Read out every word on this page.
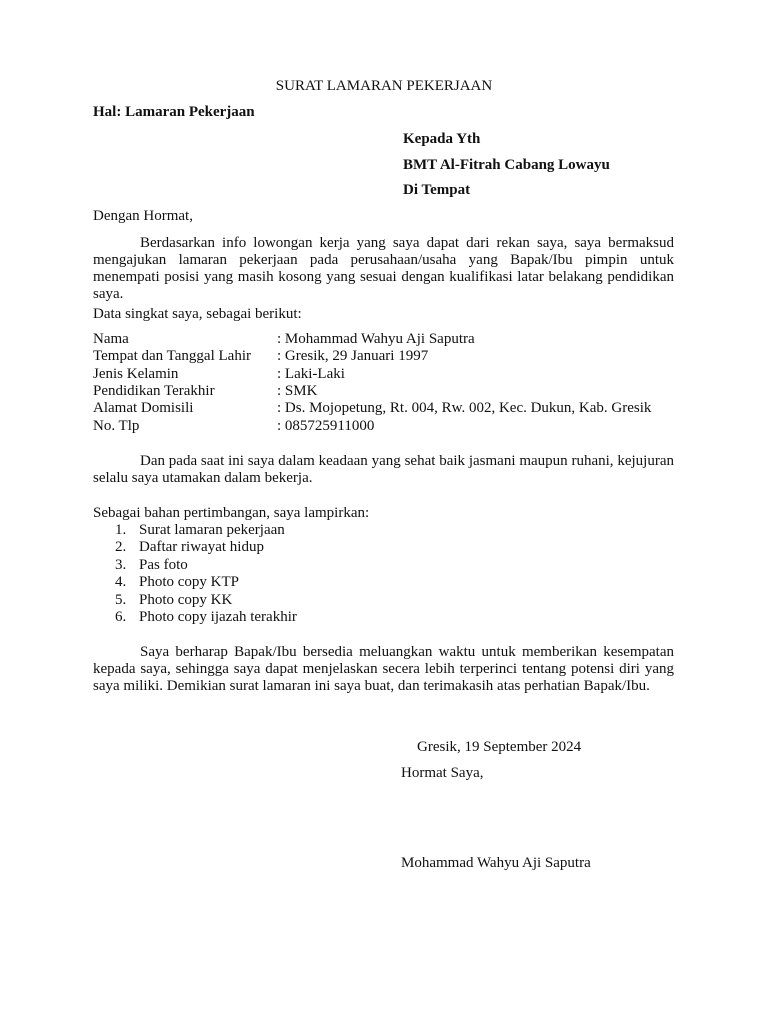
SURAT LAMARAN PEKERJAAN
Hal: Lamaran Pekerjaan
Kepada Yth
BMT Al-Fitrah Cabang Lowayu
Di Tempat
Dengan Hormat,

Berdasarkan info lowongan kerja yang saya dapat dari rekan saya, saya bermaksud mengajukan lamaran pekerjaan pada perusahaan/usaha yang Bapak/Ibu pimpin untuk menempati posisi yang masih kosong yang sesuai dengan kualifikasi latar belakang pendidikan saya.

Data singkat saya, sebagai berikut:
Nama	: Mohammad Wahyu Aji Saputra
Tempat dan Tanggal Lahir : Gresik, 29 Januari 1997
Jenis Kelamin	: Laki-Laki
Pendidikan Terakhir	: SMK
Alamat Domisili	: Ds. Mojopetung, Rt. 004, Rw. 002, Kec. Dukun, Kab. Gresik
No. Tlp	: 085725911000

Dan pada saat ini saya dalam keadaan yang sehat baik jasmani maupun ruhani, kejujuran selalu saya utamakan dalam bekerja.

Sebagai bahan pertimbangan, saya lampirkan:
1. Surat lamaran pekerjaan
2. Daftar riwayat hidup
3. Pas foto
4. Photo copy KTP
5. Photo copy KK
6. Photo copy ijazah terakhir

Saya berharap Bapak/Ibu bersedia meluangkan waktu untuk memberikan kesempatan kepada saya, sehingga saya dapat menjelaskan secera lebih terperinci tentang potensi diri yang saya miliki. Demikian surat lamaran ini saya buat, dan terimakasih atas perhatian Bapak/Ibu.

Gresik, 19 September 2024
Hormat Saya,
Mohammad Wahyu Aji Saputra
